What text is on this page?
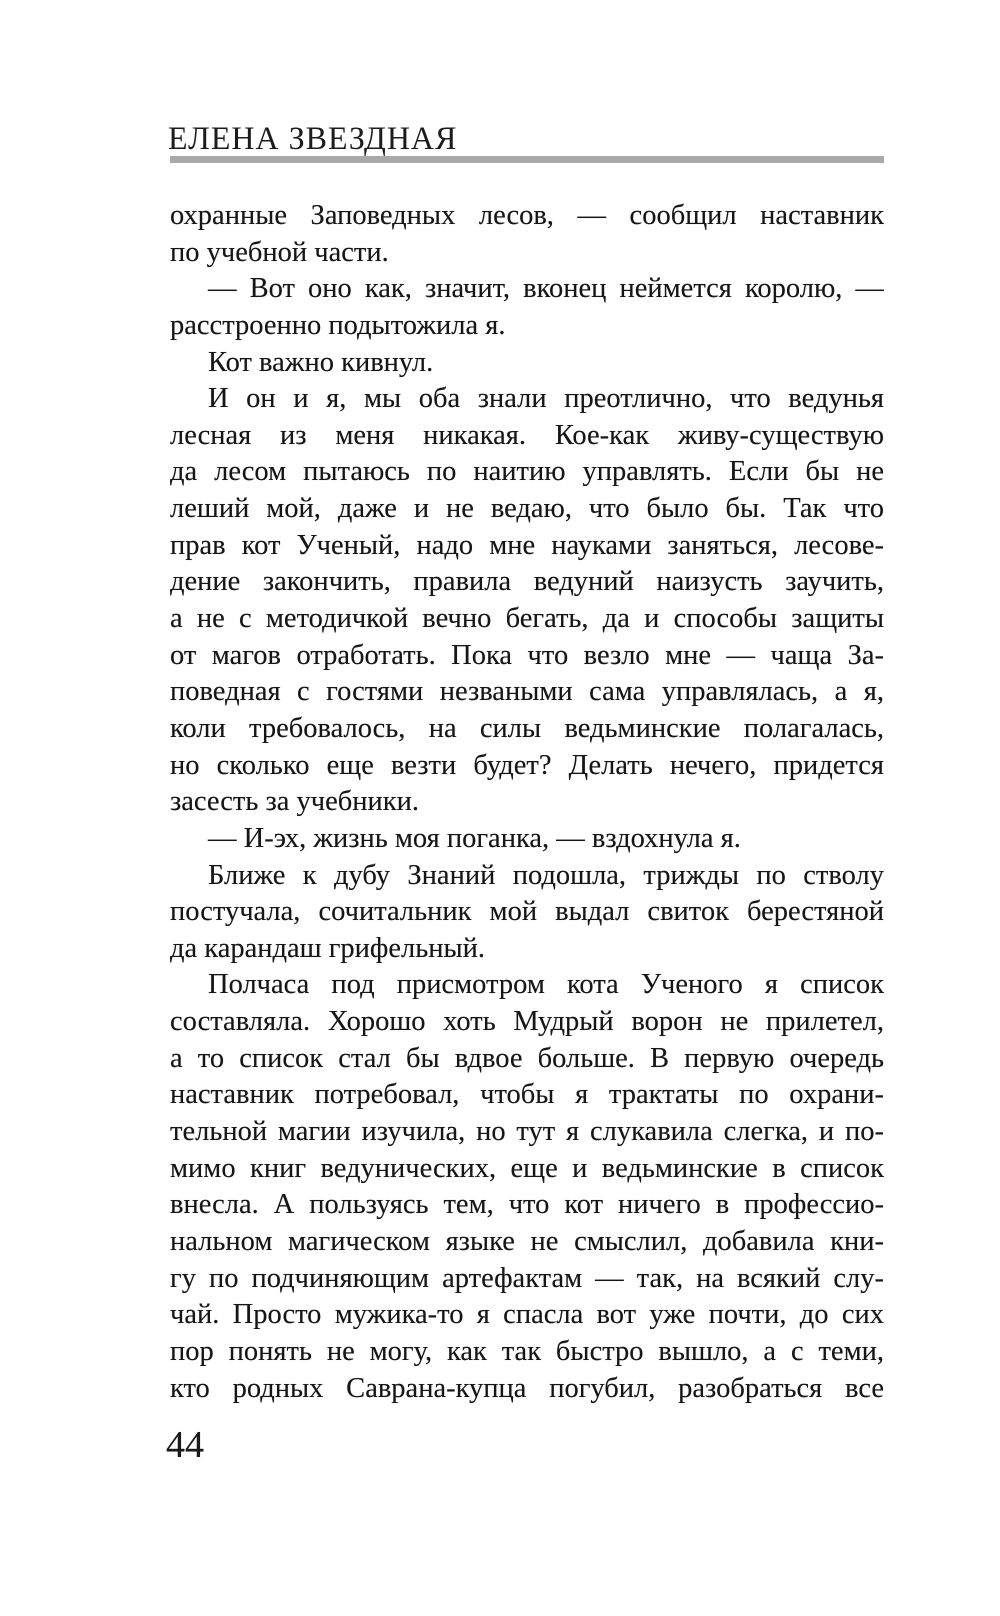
ЕЛЕНА ЗВЕЗДНАЯ
охранные Заповедных лесов, — сообщил наставник
по учебной части.
— Вот оно как, значит, вконец неймется королю, —
расстроенно подытожила я.
Кот важно кивнул.
И он и я, мы оба знали преотлично, что ведунья
лесная из меня никакая. Кое-как живу-существую
да лесом пытаюсь по наитию управлять. Если бы не
леший мой, даже и не ведаю, что было бы. Так что
прав кот Ученый, надо мне науками заняться, лесове-
дение закончить, правила ведуний наизусть заучить,
а не с методичкой вечно бегать, да и способы защиты
от магов отработать. Пока что везло мне — чаща За-
поведная с гостями незваными сама управлялась, а я,
коли требовалось, на силы ведьминские полагалась,
но сколько еще везти будет? Делать нечего, придется
засесть за учебники.
— И-эх, жизнь моя поганка, — вздохнула я.
Ближе к дубу Знаний подошла, трижды по стволу
постучала, сочитальник мой выдал свиток берестяной
да карандаш грифельный.
Полчаса под присмотром кота Ученого я список
составляла. Хорошо хоть Мудрый ворон не прилетел,
а то список стал бы вдвое больше. В первую очередь
наставник потребовал, чтобы я трактаты по охрани-
тельной магии изучила, но тут я слукавила слегка, и по-
мимо книг ведунических, еще и ведьминские в список
внесла. А пользуясь тем, что кот ничего в профессио-
нальном магическом языке не смыслил, добавила кни-
гу по подчиняющим артефактам — так, на всякий слу-
чай. Просто мужика-то я спасла вот уже почти, до сих
пор понять не могу, как так быстро вышло, а с теми,
кто родных Саврана-купца погубил, разобраться все
44
